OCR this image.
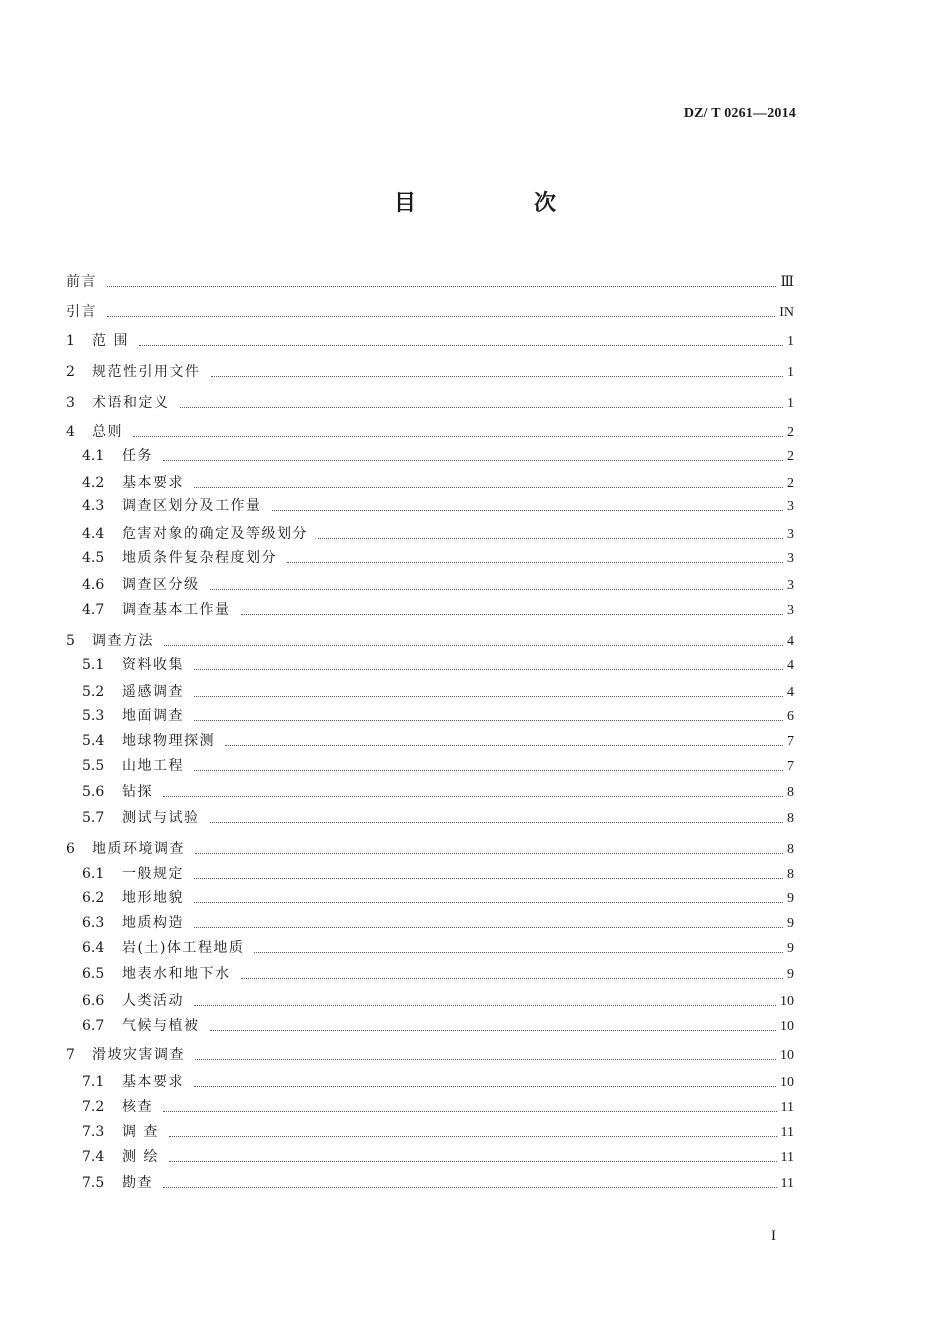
DZ/ T 0261—2014
目　次
前言	Ⅲ
引言	IN
1	范 围	1
2	规范性引用文件	1
3	术语和定义	1
4	总则	2
4.1	任务	2
4.2	基本要求	2
4.3	调查区划分及工作量	3
4.4	危害对象的确定及等级划分	3
4.5	地质条件复杂程度划分	3
4.6	调查区分级	3
4.7	调查基本工作量	3
5	调查方法	4
5.1	资料收集	4
5.2	遥感调查	4
5.3	地面调查	6
5.4	地球物理探测	7
5.5	山地工程	7
5.6	钻探	8
5.7	测试与试验	8
6	地质环境调查	8
6.1	一般规定	8
6.2	地形地貌	9
6.3	地质构造	9
6.4	岩(土)体工程地质	9
6.5	地表水和地下水	9
6.6	人类活动	10
6.7	气候与植被	10
7	滑坡灾害调查	10
7.1	基本要求	10
7.2	核查	11
7.3	调 查	11
7.4	测 绘	11
7.5	勘查	11
I
